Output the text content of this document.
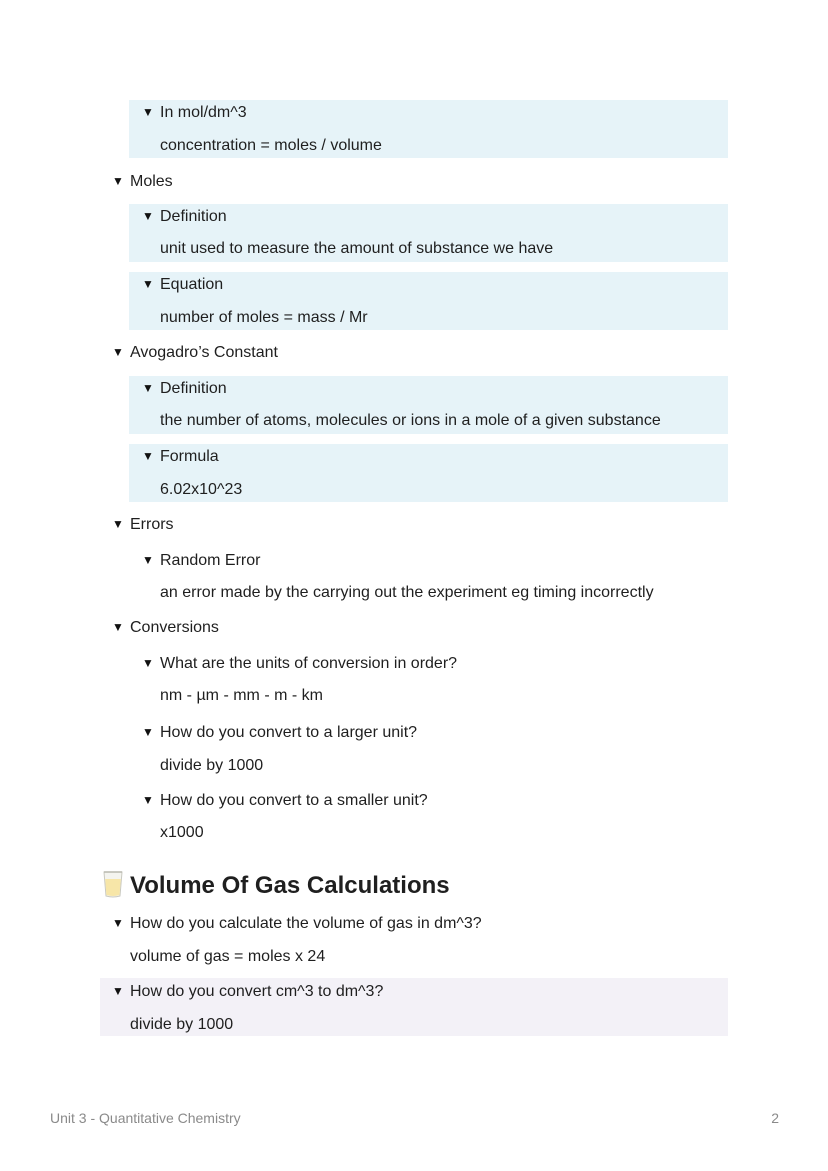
▼ In mol/dm^3
concentration = moles / volume
▼ Moles
▼ Definition
unit used to measure the amount of substance we have
▼ Equation
number of moles = mass / Mr
▼ Avogadro’s Constant
▼ Definition
the number of atoms, molecules or ions in a mole of a given substance
▼ Formula
6.02x10^23
▼ Errors
▼ Random Error
an error made by the carrying out the experiment eg timing incorrectly
▼ Conversions
▼ What are the units of conversion in order?
nm - µm - mm - m - km
▼ How do you convert to a larger unit?
divide by 1000
▼ How do you convert to a smaller unit?
x1000
Volume Of Gas Calculations
▼ How do you calculate the volume of gas in dm^3?
volume of gas = moles x 24
▼ How do you convert cm^3 to dm^3?
divide by 1000
Unit 3 - Quantitative Chemistry	2
